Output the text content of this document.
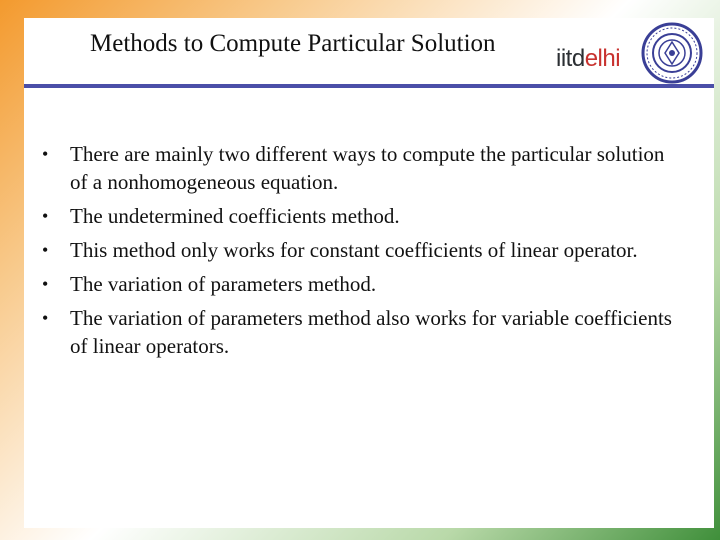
Methods to Compute Particular Solution
iitdelhi
•	There are mainly two different ways to compute the particular solution of a nonhomogeneous equation.
•	The undetermined coefficients method.
•	This method only works for constant coefficients of linear operator.
•	The variation of parameters method.
•	The variation of parameters method also works for variable coefficients of linear operators.
